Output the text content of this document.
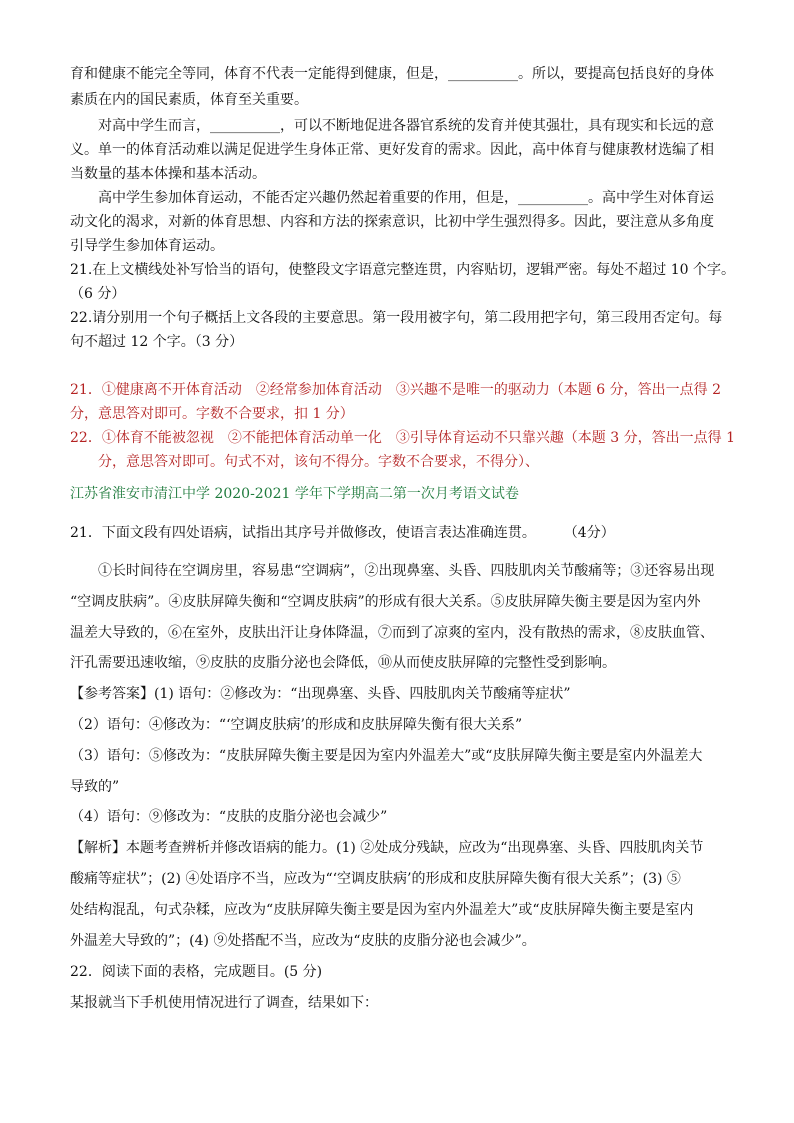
育和健康不能完全等同，体育不代表一定能得到健康，但是，__________。所以，要提高包括良好的身体
素质在内的国民素质，体育至关重要。
对高中学生而言，__________，可以不断地促进各器官系统的发育并使其强壮，具有现实和长远的意
义。单一的体育活动难以满足促进学生身体正常、更好发育的需求。因此，高中体育与健康教材选编了相
当数量的基本体操和基本活动。
高中学生参加体育运动，不能否定兴趣仍然起着重要的作用，但是，__________。高中学生对体育运
动文化的渴求，对新的体育思想、内容和方法的探索意识，比初中学生强烈得多。因此，要注意从多角度
引导学生参加体育运动。
21.在上文横线处补写恰当的语句，使整段文字语意完整连贯，内容贴切，逻辑严密。每处不超过 10 个字。
（6 分）
22.请分别用一个句子概括上文各段的主要意思。第一段用被字句，第二段用把字句，第三段用否定句。每
句不超过 12 个字。（3 分）
21．①健康离不开体育活动　②经常参加体育活动　③兴趣不是唯一的驱动力（本题 6 分，答出一点得 2
分，意思答对即可。字数不合要求，扣 1 分）
22．①体育不能被忽视　②不能把体育活动单一化　③引导体育运动不只靠兴趣（本题 3 分，答出一点得 1
分，意思答对即可。句式不对，该句不得分。字数不合要求，不得分）、
江苏省淮安市清江中学 2020-2021 学年下学期高二第一次月考语文试卷
21．下面文段有四处语病，试指出其序号并做修改，使语言表达准确连贯。　　　（4分）
①长时间待在空调房里，容易患“空调病”，②出现鼻塞、头昏、四肢肌肉关节酸痛等；③还容易出现
“空调皮肤病”。④皮肤屏障失衡和“空调皮肤病”的形成有很大关系。⑤皮肤屏障失衡主要是因为室内外
温差大导致的，⑥在室外，皮肤出汗让身体降温，⑦而到了凉爽的室内，没有散热的需求，⑧皮肤血管、
汗孔需要迅速收缩，⑨皮肤的皮脂分泌也会降低，⑩从而使皮肤屏障的完整性受到影响。
【参考答案】(1) 语句：②修改为：“出现鼻塞、头昏、四肢肌肉关节酸痛等症状”
（2）语句：④修改为：“‘空调皮肤病’的形成和皮肤屏障失衡有很大关系”
（3）语句：⑤修改为：“皮肤屏障失衡主要是因为室内外温差大”或“皮肤屏障失衡主要是室内外温差大
导致的”
（4）语句：⑨修改为：“皮肤的皮脂分泌也会减少”
【解析】本题考查辨析并修改语病的能力。(1) ②处成分残缺，应改为“出现鼻塞、头昏、四肢肌肉关节
酸痛等症状”；(2) ④处语序不当，应改为“‘空调皮肤病’的形成和皮肤屏障失衡有很大关系”；(3) ⑤
处结构混乱，句式杂糅，应改为“皮肤屏障失衡主要是因为室内外温差大”或“皮肤屏障失衡主要是室内
外温差大导致的”；(4) ⑨处搭配不当，应改为“皮肤的皮脂分泌也会减少”。
22．阅读下面的表格，完成题目。(5 分)
某报就当下手机使用情况进行了调查，结果如下：
